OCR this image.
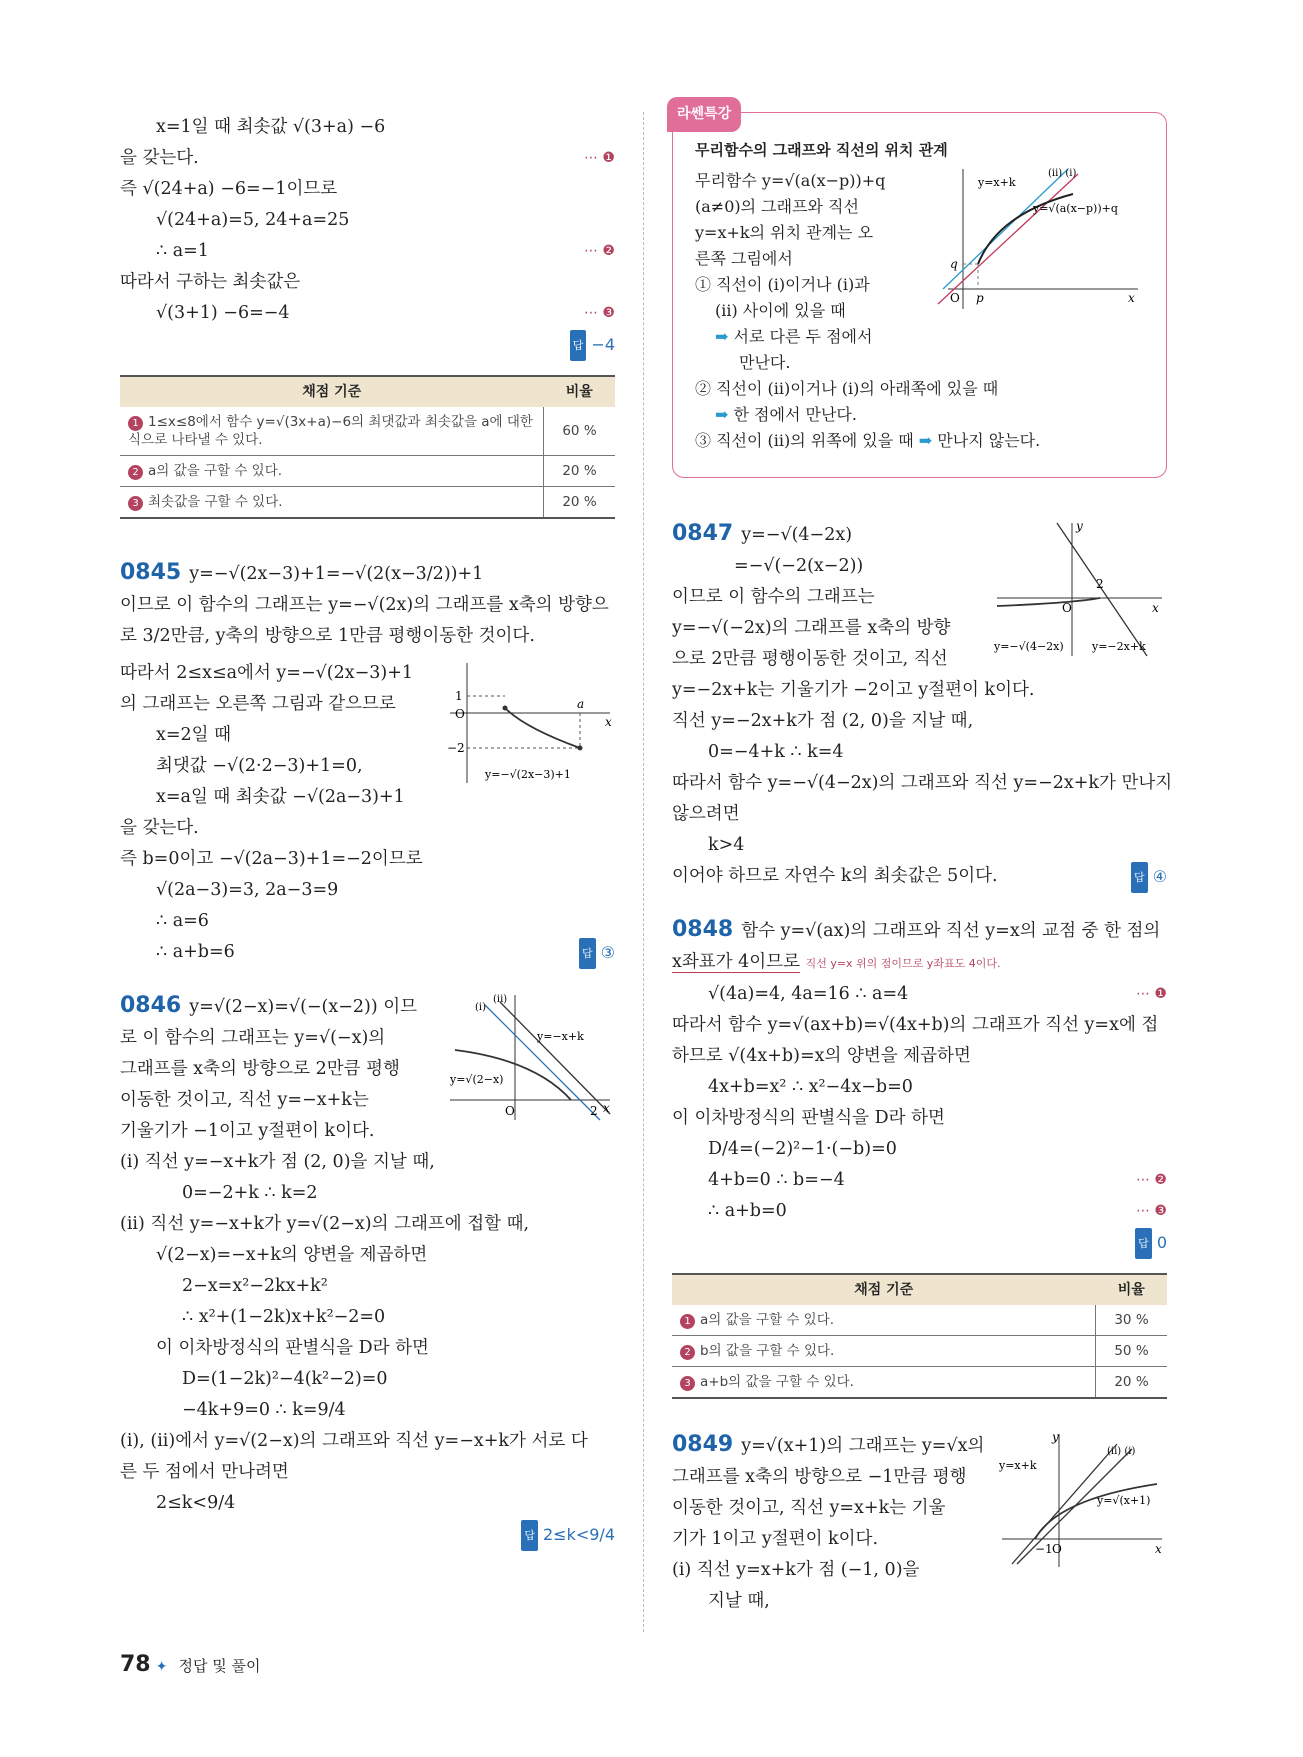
x=1일 때 최솟값 √(3+a) −6
을 갖는다.	⋯ ❶
즉 √(24+a) −6=−1이므로
√(24+a)=5, 24+a=25
∴ a=1	⋯ ❷
따라서 구하는 최솟값은
√(3+1) −6=−4	⋯ ❸
답 −4
채점 기준	비율
1 1≤x≤8에서 함수 y=√(3x+a)−6의 최댓값과 최솟값을 a에 대한 식으로 나타낼 수 있다.	60 %
2 a의 값을 구할 수 있다.	20 %
3 최솟값을 구할 수 있다.	20 %
0845 y=−√(2x−3)+1=−√(2(x−3/2))+1
이므로 이 함수의 그래프는 y=−√(2x)의 그래프를 x축의 방향으
로 3/2만큼, y축의 방향으로 1만큼 평행이동한 것이다.
1
O
−2
a
x
y=−√(2x−3)+1
따라서 2≤x≤a에서 y=−√(2x−3)+1
의 그래프는 오른쪽 그림과 같으므로
x=2일 때
최댓값 −√(2·2−3)+1=0,
x=a일 때 최솟값 −√(2a−3)+1
을 갖는다.
즉 b=0이고 −√(2a−3)+1=−2이므로
√(2a−3)=3, 2a−3=9
∴ a=6
∴ a+b=6	답 ③
2
O	x
y=−x+k
y=√(2−x)
(i)
(ii)
0846 y=√(2−x)=√(−(x−2)) 이므
로 이 함수의 그래프는 y=√(−x)의
그래프를 x축의 방향으로 2만큼 평행
이동한 것이고, 직선 y=−x+k는
기울기가 −1이고 y절편이 k이다.
(i) 직선 y=−x+k가 점 (2, 0)을 지날 때,
0=−2+k ∴ k=2
(ii) 직선 y=−x+k가 y=√(2−x)의 그래프에 접할 때,
√(2−x)=−x+k의 양변을 제곱하면
2−x=x²−2kx+k²
∴ x²+(1−2k)x+k²−2=0
이 이차방정식의 판별식을 D라 하면
D=(1−2k)²−4(k²−2)=0
−4k+9=0 ∴ k=9/4
(i), (ii)에서 y=√(2−x)의 그래프와 직선 y=−x+k가 서로 다
른 두 점에서 만나려면
2≤k<9/4
답 2≤k<9/4
라쎈특강
무리함수의 그래프와 직선의 위치 관계
q
O p	x
y=x+k
y=√(a(x−p))+q
(ii) (i)
무리함수 y=√(a(x−p))+q
(a≠0)의 그래프와 직선
y=x+k의 위치 관계는 오
른쪽 그림에서
① 직선이 (i)이거나 (i)과
(ii) 사이에 있을 때
➡ 서로 다른 두 점에서
만난다.
② 직선이 (ii)이거나 (i)의 아래쪽에 있을 때
➡ 한 점에서 만난다.
③ 직선이 (ii)의 위쪽에 있을 때 ➡ 만나지 않는다.
O
2
x
y
y=−√(4−2x)	y=−2x+k
0847 y=−√(4−2x)
=−√(−2(x−2))
이므로 이 함수의 그래프는
y=−√(−2x)의 그래프를 x축의 방향
으로 2만큼 평행이동한 것이고, 직선
y=−2x+k는 기울기가 −2이고 y절편이 k이다.
직선 y=−2x+k가 점 (2, 0)을 지날 때,
0=−4+k ∴ k=4
따라서 함수 y=−√(4−2x)의 그래프와 직선 y=−2x+k가 만나지
않으려면
k>4
이어야 하므로 자연수 k의 최솟값은 5이다.	답 ④
0848 함수 y=√(ax)의 그래프와 직선 y=x의 교점 중 한 점의
x좌표가 4이므로 직선 y=x 위의 점이므로 y좌표도 4이다.
√(4a)=4, 4a=16 ∴ a=4	⋯ ❶
따라서 함수 y=√(ax+b)=√(4x+b)의 그래프가 직선 y=x에 접
하므로 √(4x+b)=x의 양변을 제곱하면
4x+b=x² ∴ x²−4x−b=0
이 이차방정식의 판별식을 D라 하면
D/4=(−2)²−1·(−b)=0
4+b=0 ∴ b=−4	⋯ ❷
∴ a+b=0	⋯ ❸
답 0
채점 기준	비율
1 a의 값을 구할 수 있다.	30 %
2 b의 값을 구할 수 있다.	50 %
3 a+b의 값을 구할 수 있다.	20 %
−1 O	x
y
y=x+k
y=√(x+1)
(ii) (i)
0849 y=√(x+1)의 그래프는 y=√x의
그래프를 x축의 방향으로 −1만큼 평행
이동한 것이고, 직선 y=x+k는 기울
기가 1이고 y절편이 k이다.
(i) 직선 y=x+k가 점 (−1, 0)을
지날 때,
78 ✦ 정답 및 풀이
